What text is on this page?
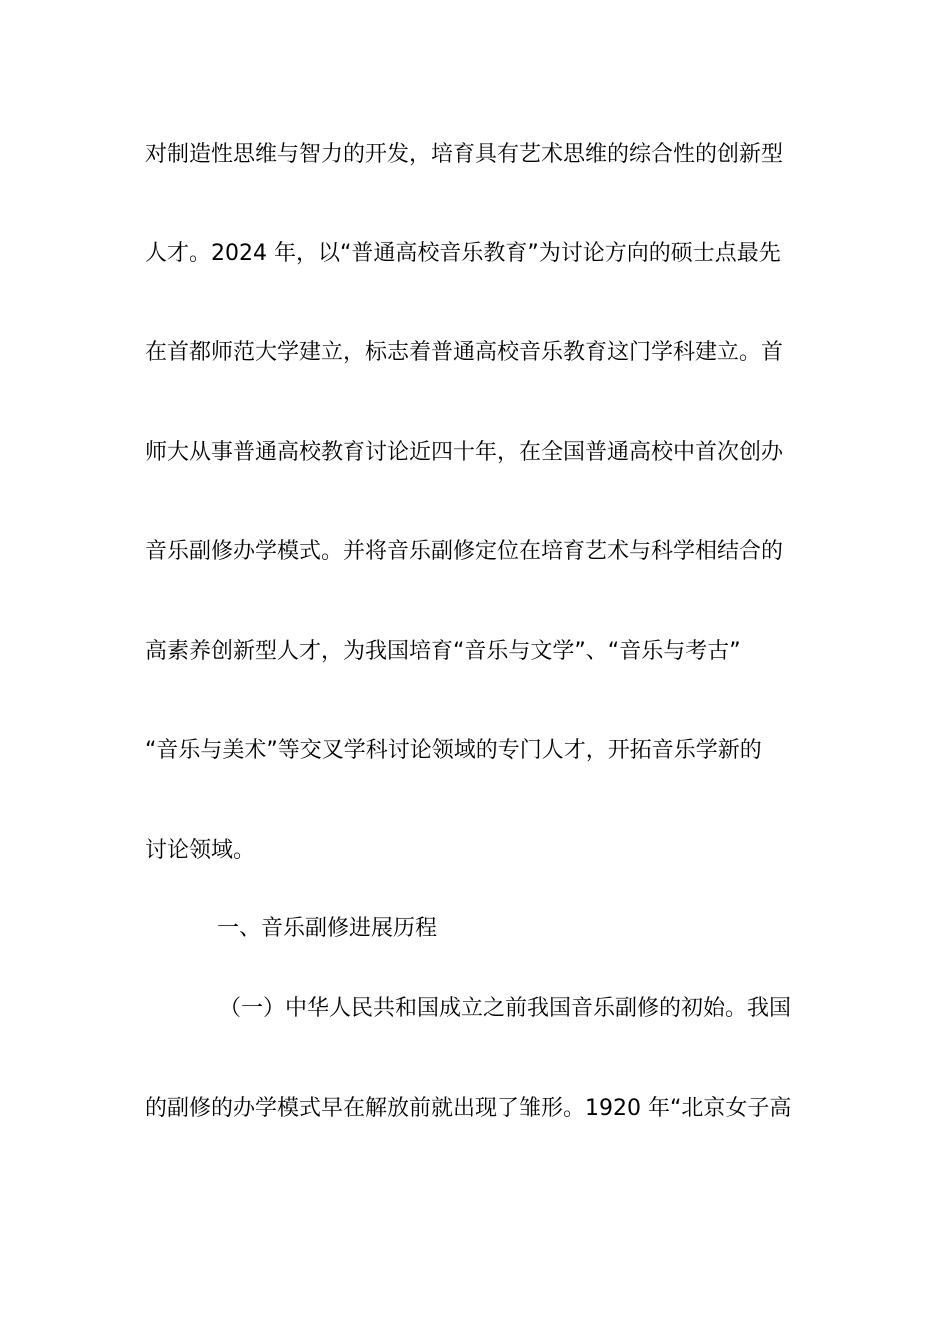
对制造性思维与智力的开发，培育具有艺术思维的综合性的创新型
人才。2024 年，以“普通高校音乐教育”为讨论方向的硕士点最先
在首都师范大学建立，标志着普通高校音乐教育这门学科建立。首
师大从事普通高校教育讨论近四十年，在全国普通高校中首次创办
音乐副修办学模式。并将音乐副修定位在培育艺术与科学相结合的
高素养创新型人才，为我国培育“音乐与文学”、“音乐与考古”
“音乐与美术”等交叉学科讨论领域的专门人才，开拓音乐学新的
讨论领域。
一、音乐副修进展历程
（一）中华人民共和国成立之前我国音乐副修的初始。我国
的副修的办学模式早在解放前就出现了雏形。1920 年“北京女子高
